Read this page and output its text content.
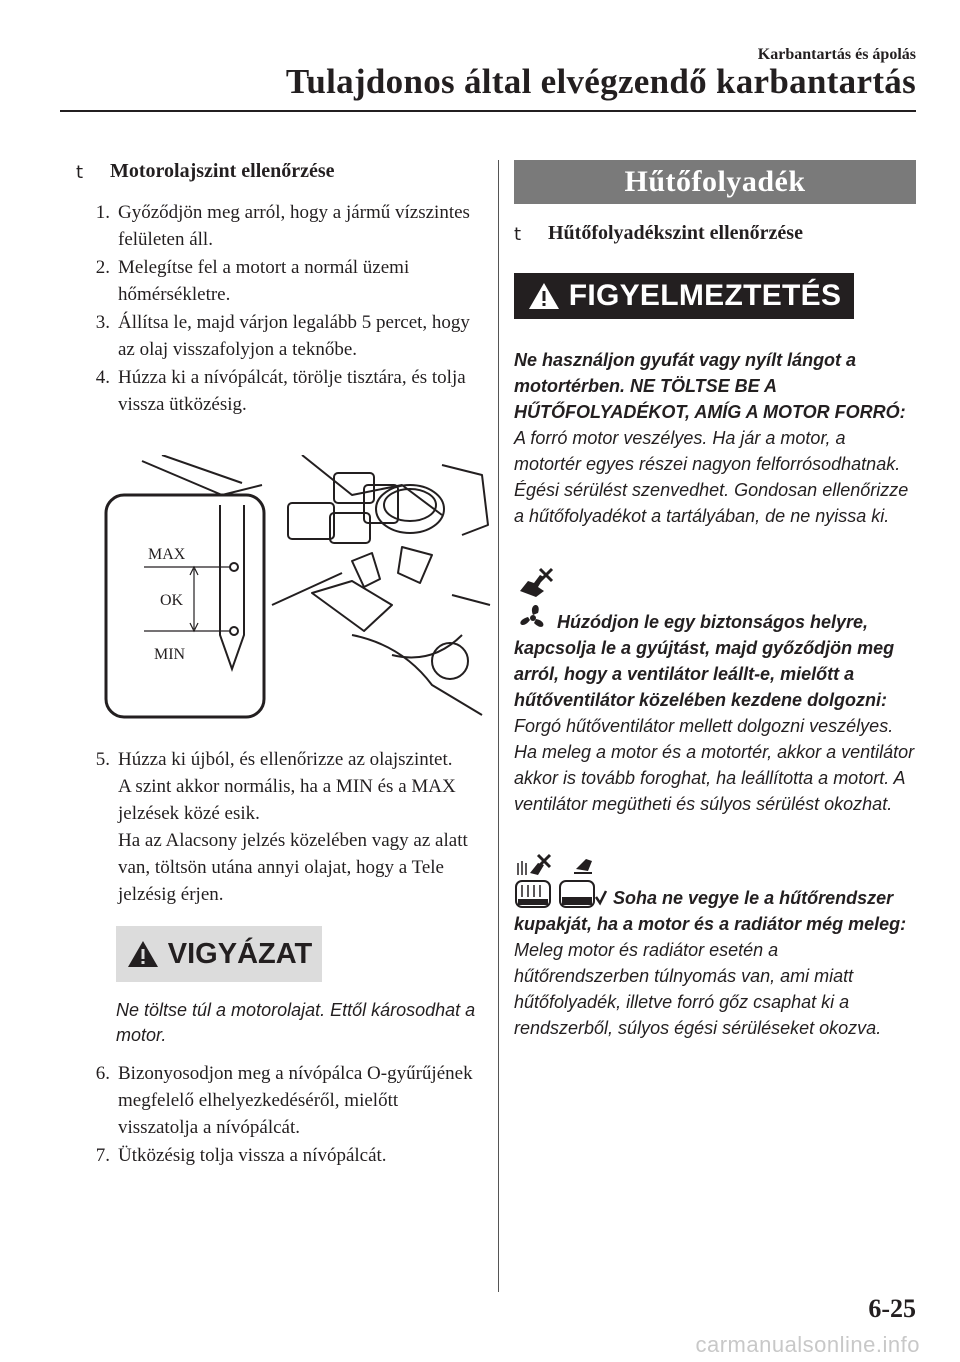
Karbantartás és ápolás
Tulajdonos által elvégzendő karbantartás
t	Motorolajszint ellenőrzése
1. Győződjön meg arról, hogy a jármű vízszintes felületen áll.
2. Melegítse fel a motort a normál üzemi hőmérsékletre.
3. Állítsa le, majd várjon legalább 5 percet, hogy az olaj visszafolyjon a teknőbe.
4. Húzza ki a nívópálcát, törölje tisztára, és tolja vissza ütközésig.
MAX
OK
MIN
5. Húzza ki újból, és ellenőrizze az olajszintet.

A szint akkor normális, ha a MIN és a MAX jelzések közé esik.

Ha az Alacsony jelzés közelében vagy az alatt van, töltsön utána annyi olajat, hogy a Tele jelzésig érjen.

VIGYÁZAT
Ne töltse túl a motorolajat. Ettől károsodhat a motor.
6. Bizonyosodjon meg a nívópálca O-gyűrűjének megfelelő elhelyezkedéséről, mielőtt visszatolja a nívópálcát.
7. Ütközésig tolja vissza a nívópálcát.
Hűtőfolyadék
t	Hűtőfolyadékszint ellenőrzése
FIGYELMEZTETÉS
Ne használjon gyufát vagy nyílt lángot a motortérben. NE TÖLTSE BE A HŰTŐFOLYADÉKOT, AMÍG A MOTOR FORRÓ:
A forró motor veszélyes. Ha jár a motor, a motortér egyes részei nagyon felforrósodhatnak. Égési sérülést szenvedhet. Gondosan ellenőrizze a hűtőfolyadékot a tartályában, de ne nyissa ki.
Húzódjon le egy biztonságos helyre, kapcsolja le a gyújtást, majd győződjön meg arról, hogy a ventilátor leállt-e, mielőtt a hűtőventilátor közelében kezdene dolgozni:
Forgó hűtőventilátor mellett dolgozni veszélyes. Ha meleg a motor és a motortér, akkor a ventilátor akkor is tovább foroghat, ha leállította a motort. A ventilátor megütheti és súlyos sérülést okozhat.
Soha ne vegye le a hűtőrendszer kupakját, ha a motor és a radiátor még meleg:
Meleg motor és radiátor esetén a hűtőrendszerben túlnyomás van, ami miatt hűtőfolyadék, illetve forró gőz csaphat ki a rendszerből, súlyos égési sérüléseket okozva.
6-25
carmanualsonline.info
